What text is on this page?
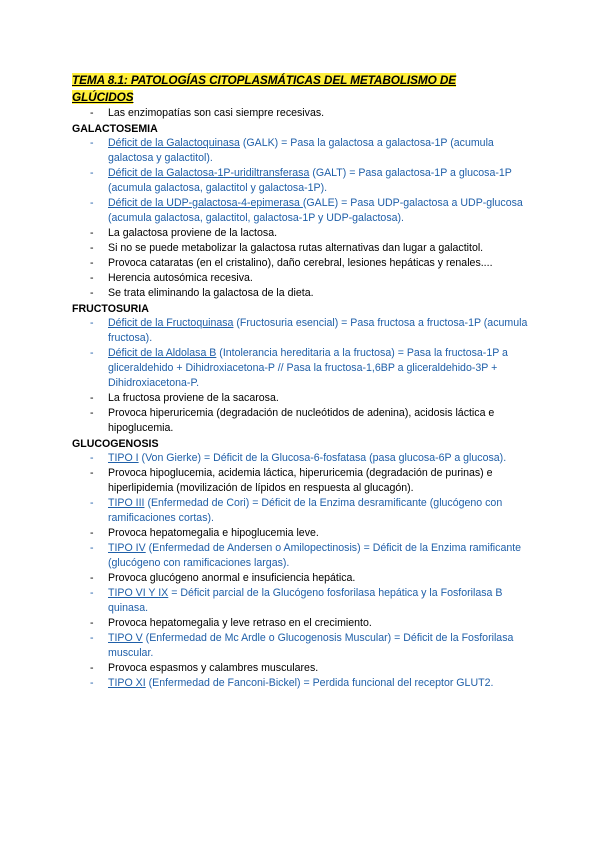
TEMA 8.1: PATOLOGÍAS CITOPLASMÁTICAS DEL METABOLISMO DE
GLÚCIDOS
- Las enzimopatías son casi siempre recesivas.
GALACTOSEMIA
- Déficit de la Galactoquinasa (GALK) = Pasa la galactosa a galactosa-1P (acumula galactosa y galactitol).
- Déficit de la Galactosa-1P-uridiltransferasa (GALT) = Pasa galactosa-1P a glucosa-1P (acumula galactosa, galactitol y galactosa-1P).
- Déficit de la UDP-galactosa-4-epimerasa (GALE) = Pasa UDP-galactosa a UDP-glucosa (acumula galactosa, galactitol, galactosa-1P y UDP-galactosa).
- La galactosa proviene de la lactosa.
- Si no se puede metabolizar la galactosa rutas alternativas dan lugar a galactitol.
- Provoca cataratas (en el cristalino), daño cerebral, lesiones hepáticas y renales....
- Herencia autosómica recesiva.
- Se trata eliminando la galactosa de la dieta.
FRUCTOSURIA
- Déficit de la Fructoquinasa (Fructosuria esencial) = Pasa fructosa a fructosa-1P (acumula fructosa).
- Déficit de la Aldolasa B (Intolerancia hereditaria a la fructosa) = Pasa la fructosa-1P a gliceraldehido + Dihidroxiacetona-P // Pasa la fructosa-1,6BP a gliceraldehido-3P + Dihidroxiacetona-P.
- La fructosa proviene de la sacarosa.
- Provoca hiperuricemia (degradación de nucleótidos de adenina), acidosis láctica e hipoglucemia.
GLUCOGENOSIS
- TIPO I (Von Gierke) = Déficit de la Glucosa-6-fosfatasa (pasa glucosa-6P a glucosa).
- Provoca hipoglucemia, acidemia láctica, hiperuricemia (degradación de purinas) e hiperlipidemia (movilización de lípidos en respuesta al glucagón).
- TIPO III (Enfermedad de Cori) = Déficit de la Enzima desramificante (glucógeno con ramificaciones cortas).
- Provoca hepatomegalia e hipoglucemia leve.
- TIPO IV (Enfermedad de Andersen o Amilopectinosis) = Déficit de la Enzima ramificante (glucógeno con ramificaciones largas).
- Provoca glucógeno anormal e insuficiencia hepática.
- TIPO VI Y IX = Déficit parcial de la Glucógeno fosforilasa hepática y la Fosforilasa B quinasa.
- Provoca hepatomegalia y leve retraso en el crecimiento.
- TIPO V (Enfermedad de Mc Ardle o Glucogenosis Muscular) = Déficit de la Fosforilasa muscular.
- Provoca espasmos y calambres musculares.
- TIPO XI (Enfermedad de Fanconi-Bickel) = Perdida funcional del receptor GLUT2.
